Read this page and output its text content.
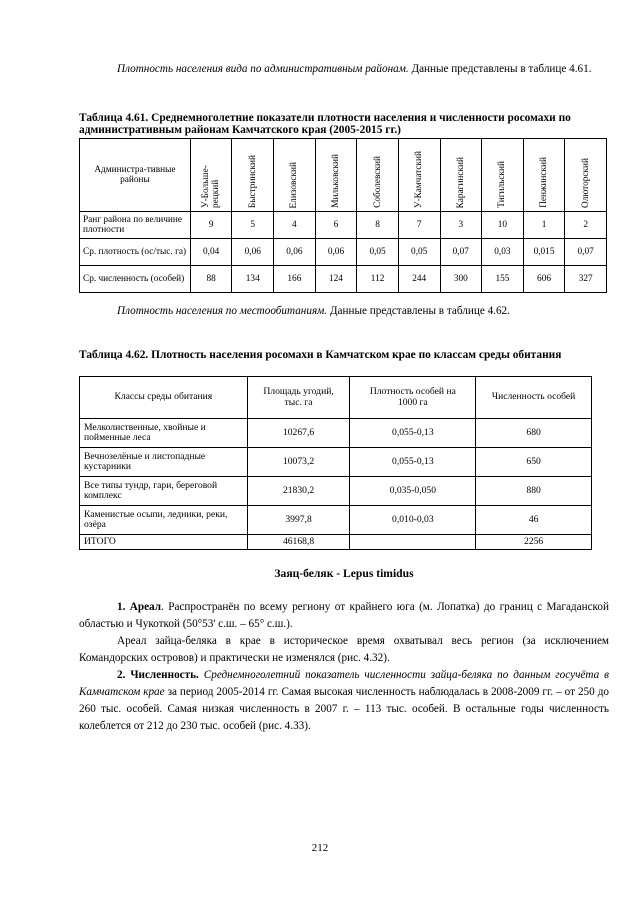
Плотность населения вида по административным районам. Данные представлены в таблице 4.61.

Таблица 4.61. Среднемноголетние показатели плотности населения и численности росомахи по административным районам Камчатского края (2005-2015 гг.)
Администра-тивные районы	У-Больше-рецкий	Быстринский	Елизовский	Мильковский	Соболевский	У-Камчатский	Карагинский	Тигильский	Пенжинский	Олюторский

Ранг района по величине плотности	9	5	4	6	8	7	3	10	1	2
Ср. плотность (ос/тыс. га)	0,04	0,06	0,06	0,06	0,05	0,05	0,07	0,03	0,015	0,07
Ср. численность (особей)	88	134	166	124	112	244	300	155	606	327

Плотность населения по местообитаниям. Данные представлены в таблице 4.62.

Таблица 4.62. Плотность населения росомахи в Камчатском крае по классам среды обитания
Классы среды обитания	Площадь угодий, тыс. га	Плотность особей на 1000 га	Численность особей
Мелколиственные, хвойные и пойменные леса	10267,6	0,055-0,13	680
Вечнозелёные и листопадные кустарники	10073,2	0,055-0,13	650
Все типы тундр, гари, береговой комплекс	21830,2	0,035-0,050	880
Каменистые осыпи, ледники, реки, озёра	3997,8	0,010-0,03	46
ИТОГО	46168,8		2256
Заяц-беляк - Lepus timidus

1. Ареал. Распространён по всему региону от крайнего юга (м. Лопатка) до границ с Магаданской областью и Чукоткой (50°53' с.ш. – 65° с.ш.).

Ареал зайца-беляка в крае в историческое время охватывал весь регион (за исключением Командорских островов) и практически не изменялся (рис. 4.32).

2. Численность. Среднемноголетний показатель численности зайца-беляка по данным госучёта в Камчатском крае за период 2005-2014 гг. Самая высокая численность наблюдалась в 2008-2009 гг. – от 250 до 260 тыс. особей. Самая низкая численность в 2007 г. – 113 тыс. особей. В остальные годы численность колеблется от 212 до 230 тыс. особей (рис. 4.33).

212
